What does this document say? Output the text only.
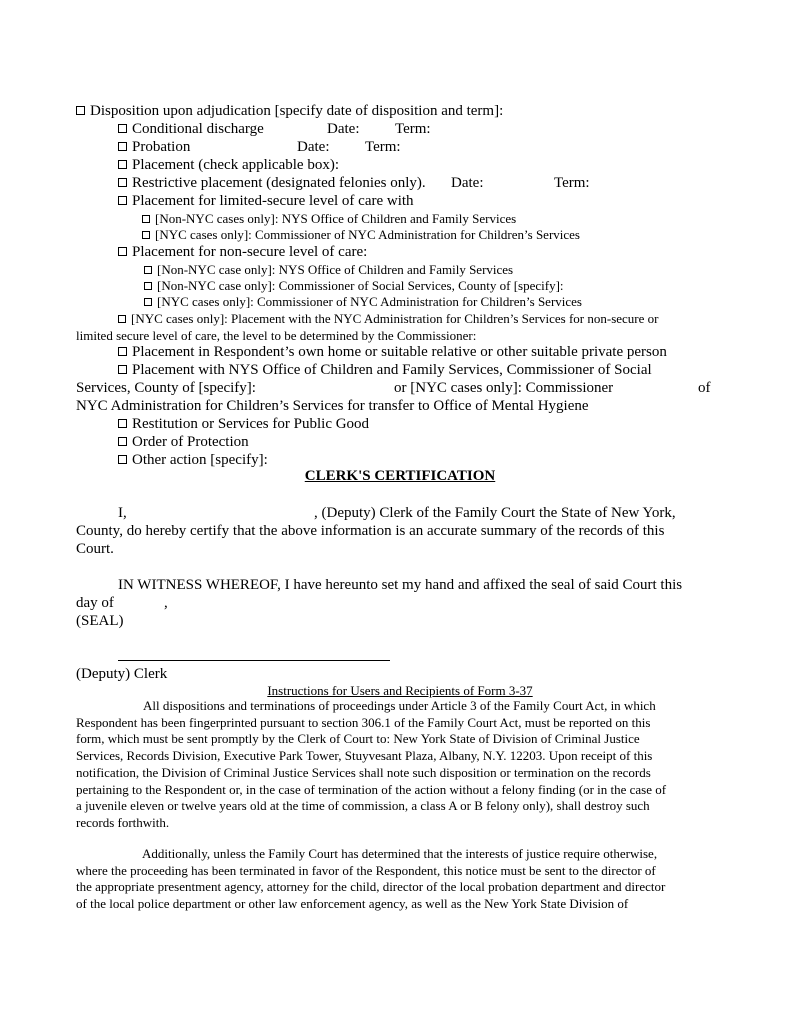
Disposition upon adjudication [specify date of disposition and term]:
Conditional discharge	Date: Term:
Probation	Date: Term:
Placement (check applicable box):
Restrictive placement (designated felonies only). Date:	Term:
Placement for limited-secure level of care with
[Non-NYC cases only]: NYS Office of Children and Family Services
[NYC cases only]: Commissioner of NYC Administration for Children’s Services
Placement for non-secure level of care:
[Non-NYC case only]: NYS Office of Children and Family Services
[Non-NYC case only]: Commissioner of Social Services, County of [specify]:
[NYC cases only]: Commissioner of NYC Administration for Children’s Services
[NYC cases only]: Placement with the NYC Administration for Children’s Services for non-secure or
limited secure level of care, the level to be determined by the Commissioner:
Placement in Respondent’s own home or suitable relative or other suitable private person
Placement with NYS Office of Children and Family Services, Commissioner of Social
Services, County of [specify]:	or [NYC cases only]: Commissioner	of
NYC Administration for Children’s Services for transfer to Office of Mental Hygiene
Restitution or Services for Public Good
Order of Protection
Other action [specify]:
CLERK'S CERTIFICATION
I,	, (Deputy) Clerk of the Family Court the State of New York,
County, do hereby certify that the above information is an accurate summary of the records of this
Court.
IN WITNESS WHEREOF, I have hereunto set my hand and affixed the seal of said Court this
day of	,
(SEAL)
(Deputy) Clerk
Instructions for Users and Recipients of Form 3-37
All dispositions and terminations of proceedings under Article 3 of the Family Court Act, in which
Respondent has been fingerprinted pursuant to section 306.1 of the Family Court Act, must be reported on this
form, which must be sent promptly by the Clerk of Court to: New York State of Division of Criminal Justice
Services, Records Division, Executive Park Tower, Stuyvesant Plaza, Albany, N.Y. 12203. Upon receipt of this
notification, the Division of Criminal Justice Services shall note such disposition or termination on the records
pertaining to the Respondent or, in the case of termination of the action without a felony finding (or in the case of
a juvenile eleven or twelve years old at the time of commission, a class A or B felony only), shall destroy such
records forthwith.
Additionally, unless the Family Court has determined that the interests of justice require otherwise,
where the proceeding has been terminated in favor of the Respondent, this notice must be sent to the director of
the appropriate presentment agency, attorney for the child, director of the local probation department and director
of the local police department or other law enforcement agency, as well as the New York State Division of
